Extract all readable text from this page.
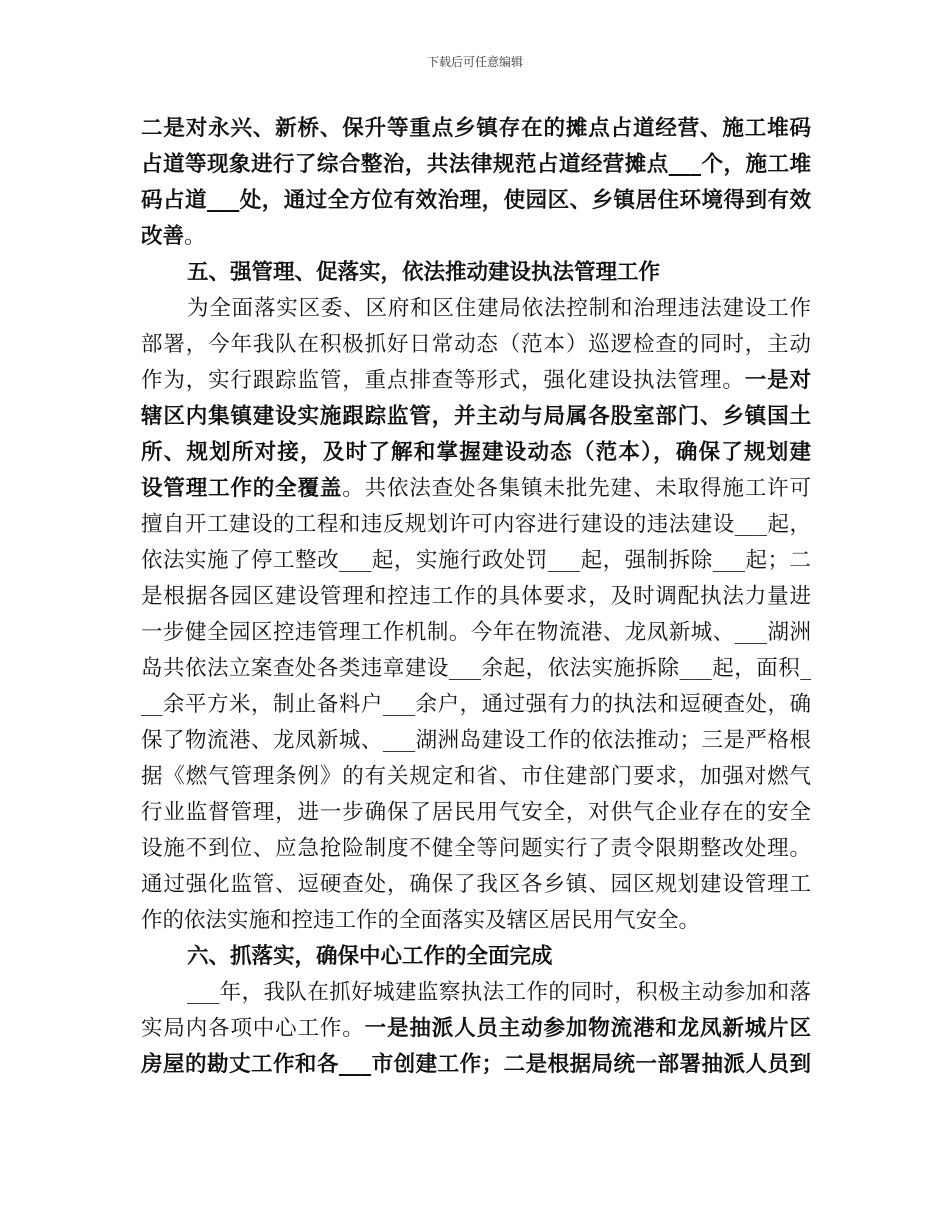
下载后可任意编辑
二是对永兴、新桥、保升等重点乡镇存在的摊点占道经营、施工堆码
占道等现象进行了综合整治，共法律规范占道经营摊点___个，施工堆
码占道___处，通过全方位有效治理，使园区、乡镇居住环境得到有效
改善。
五、强管理、促落实，依法推动建设执法管理工作
为全面落实区委、区府和区住建局依法控制和治理违法建设工作
部署，今年我队在积极抓好日常动态（范本）巡逻检查的同时，主动
作为，实行跟踪监管，重点排查等形式，强化建设执法管理。一是对
辖区内集镇建设实施跟踪监管，并主动与局属各股室部门、乡镇国土
所、规划所对接，及时了解和掌握建设动态（范本），确保了规划建
设管理工作的全覆盖。共依法查处各集镇未批先建、未取得施工许可
擅自开工建设的工程和违反规划许可内容进行建设的违法建设___起，
依法实施了停工整改___起，实施行政处罚___起，强制拆除___起；二
是根据各园区建设管理和控违工作的具体要求，及时调配执法力量进
一步健全园区控违管理工作机制。今年在物流港、龙凤新城、___湖洲
岛共依法立案查处各类违章建设___余起，依法实施拆除___起，面积_
__余平方米，制止备料户___余户，通过强有力的执法和逗硬查处，确
保了物流港、龙凤新城、___湖洲岛建设工作的依法推动；三是严格根
据《燃气管理条例》的有关规定和省、市住建部门要求，加强对燃气
行业监督管理，进一步确保了居民用气安全，对供气企业存在的安全
设施不到位、应急抢险制度不健全等问题实行了责令限期整改处理。
通过强化监管、逗硬查处，确保了我区各乡镇、园区规划建设管理工
作的依法实施和控违工作的全面落实及辖区居民用气安全。
六、抓落实，确保中心工作的全面完成
___年，我队在抓好城建监察执法工作的同时，积极主动参加和落
实局内各项中心工作。一是抽派人员主动参加物流港和龙凤新城片区
房屋的勘丈工作和各___市创建工作；二是根据局统一部署抽派人员到
